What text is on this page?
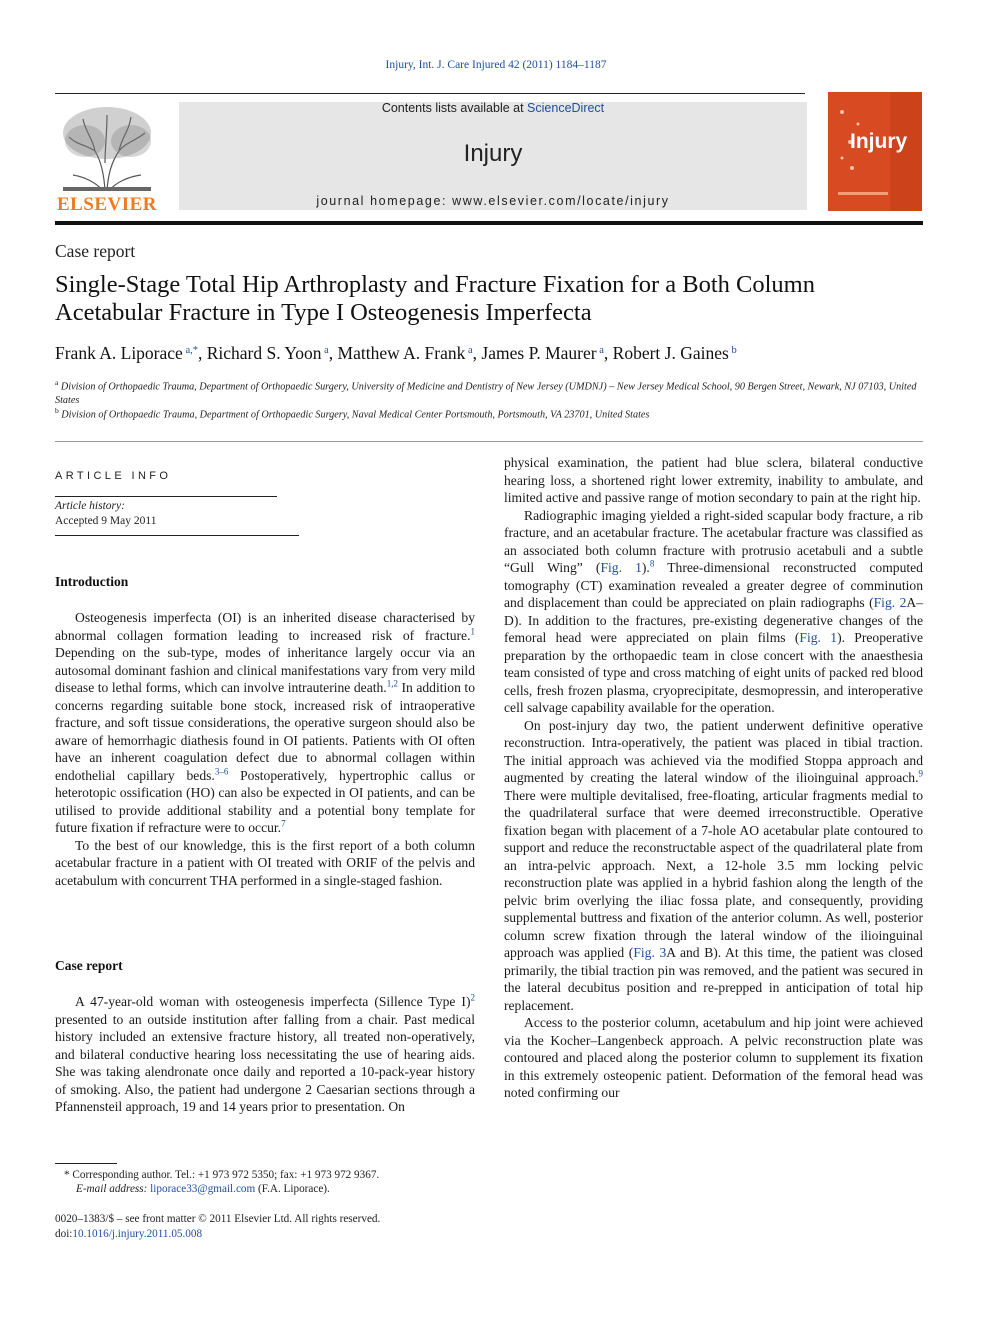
Injury, Int. J. Care Injured 42 (2011) 1184–1187
ELSEVIER
Contents lists available at ScienceDirect
Injury
journal homepage: www.elsevier.com/locate/injury
Injury
Case report
Single-Stage Total Hip Arthroplasty and Fracture Fixation for a Both Column
Acetabular Fracture in Type I Osteogenesis Imperfecta
Frank A. Liporace $^{a,*}$, Richard S. Yoon $^a$, Matthew A. Frank $^a$, James P. Maurer $^a$, Robert J. Gaines $^b$
$^a$ Division of Orthopaedic Trauma, Department of Orthopaedic Surgery, University of Medicine and Dentistry of New Jersey (UMDNJ) – New Jersey Medical School, 90 Bergen Street, Newark, NJ 07103, United States
$^b$ Division of Orthopaedic Trauma, Department of Orthopaedic Surgery, Naval Medical Center Portsmouth, Portsmouth, VA 23701, United States
ARTICLE INFO
Article history:
Accepted 9 May 2011
Introduction

Osteogenesis imperfecta (OI) is an inherited disease characterised by abnormal collagen formation leading to increased risk of fracture.$^1$ Depending on the sub-type, modes of inheritance largely occur via an autosomal dominant fashion and clinical manifestations vary from very mild disease to lethal forms, which can involve intrauterine death.$^{1,2}$ In addition to concerns regarding suitable bone stock, increased risk of intraoperative fracture, and soft tissue considerations, the operative surgeon should also be aware of hemorrhagic diathesis found in OI patients. Patients with OI often have an inherent coagulation defect due to abnormal collagen within endothelial capillary beds.$^{3-6}$ Postoperatively, hypertrophic callus or heterotopic ossification (HO) can also be expected in OI patients, and can be utilised to provide additional stability and a potential bony template for future fixation if refracture were to occur.$^7$

To the best of our knowledge, this is the first report of a both column acetabular fracture in a patient with OI treated with ORIF of the pelvis and acetabulum with concurrent THA performed in a single-staged fashion.

Case report

A 47-year-old woman with osteogenesis imperfecta (Sillence Type I)$^2$ presented to an outside institution after falling from a chair. Past medical history included an extensive fracture history, all treated non-operatively, and bilateral conductive hearing loss necessitating the use of hearing aids. She was taking alendronate once daily and reported a 10-pack-year history of smoking. Also, the patient had undergone 2 Caesarian sections through a Pfannensteil approach, 19 and 14 years prior to presentation. On

physical examination, the patient had blue sclera, bilateral conductive hearing loss, a shortened right lower extremity, inability to ambulate, and limited active and passive range of motion secondary to pain at the right hip.

Radiographic imaging yielded a right-sided scapular body fracture, a rib fracture, and an acetabular fracture. The acetabular fracture was classified as an associated both column fracture with protrusio acetabuli and a subtle “Gull Wing” (Fig. 1).$^8$ Three-dimensional reconstructed computed tomography (CT) examination revealed a greater degree of comminution and displacement than could be appreciated on plain radiographs (Fig. 2A–D). In addition to the fractures, pre-existing degenerative changes of the femoral head were appreciated on plain films (Fig. 1). Preoperative preparation by the orthopaedic team in close concert with the anaesthesia team consisted of type and cross matching of eight units of packed red blood cells, fresh frozen plasma, cryoprecipitate, desmopressin, and interoperative cell salvage capability available for the operation.

On post-injury day two, the patient underwent definitive operative reconstruction. Intra-operatively, the patient was placed in tibial traction. The initial approach was achieved via the modified Stoppa approach and augmented by creating the lateral window of the ilioinguinal approach.$^9$ There were multiple devitalised, free-floating, articular fragments medial to the quadrilateral surface that were deemed irreconstructible. Operative fixation began with placement of a 7-hole AO acetabular plate contoured to support and reduce the reconstructable aspect of the quadrilateral plate from an intra-pelvic approach. Next, a 12-hole 3.5 mm locking pelvic reconstruction plate was applied in a hybrid fashion along the length of the pelvic brim overlying the iliac fossa plate, and consequently, providing supplemental buttress and fixation of the anterior column. As well, posterior column screw fixation through the lateral window of the ilioinguinal approach was applied (Fig. 3A and B). At this time, the patient was closed primarily, the tibial traction pin was removed, and the patient was secured in the lateral decubitus position and re-prepped in anticipation of total hip replacement.

Access to the posterior column, acetabulum and hip joint were achieved via the Kocher–Langenbeck approach. A pelvic reconstruction plate was contoured and placed along the posterior column to supplement its fixation in this extremely osteopenic patient. Deformation of the femoral head was noted confirming our

* Corresponding author. Tel.: +1 973 972 5350; fax: +1 973 972 9367.
E-mail address: liporace33@gmail.com (F.A. Liporace).
0020–1383/$ – see front matter © 2011 Elsevier Ltd. All rights reserved.
doi:10.1016/j.injury.2011.05.008
